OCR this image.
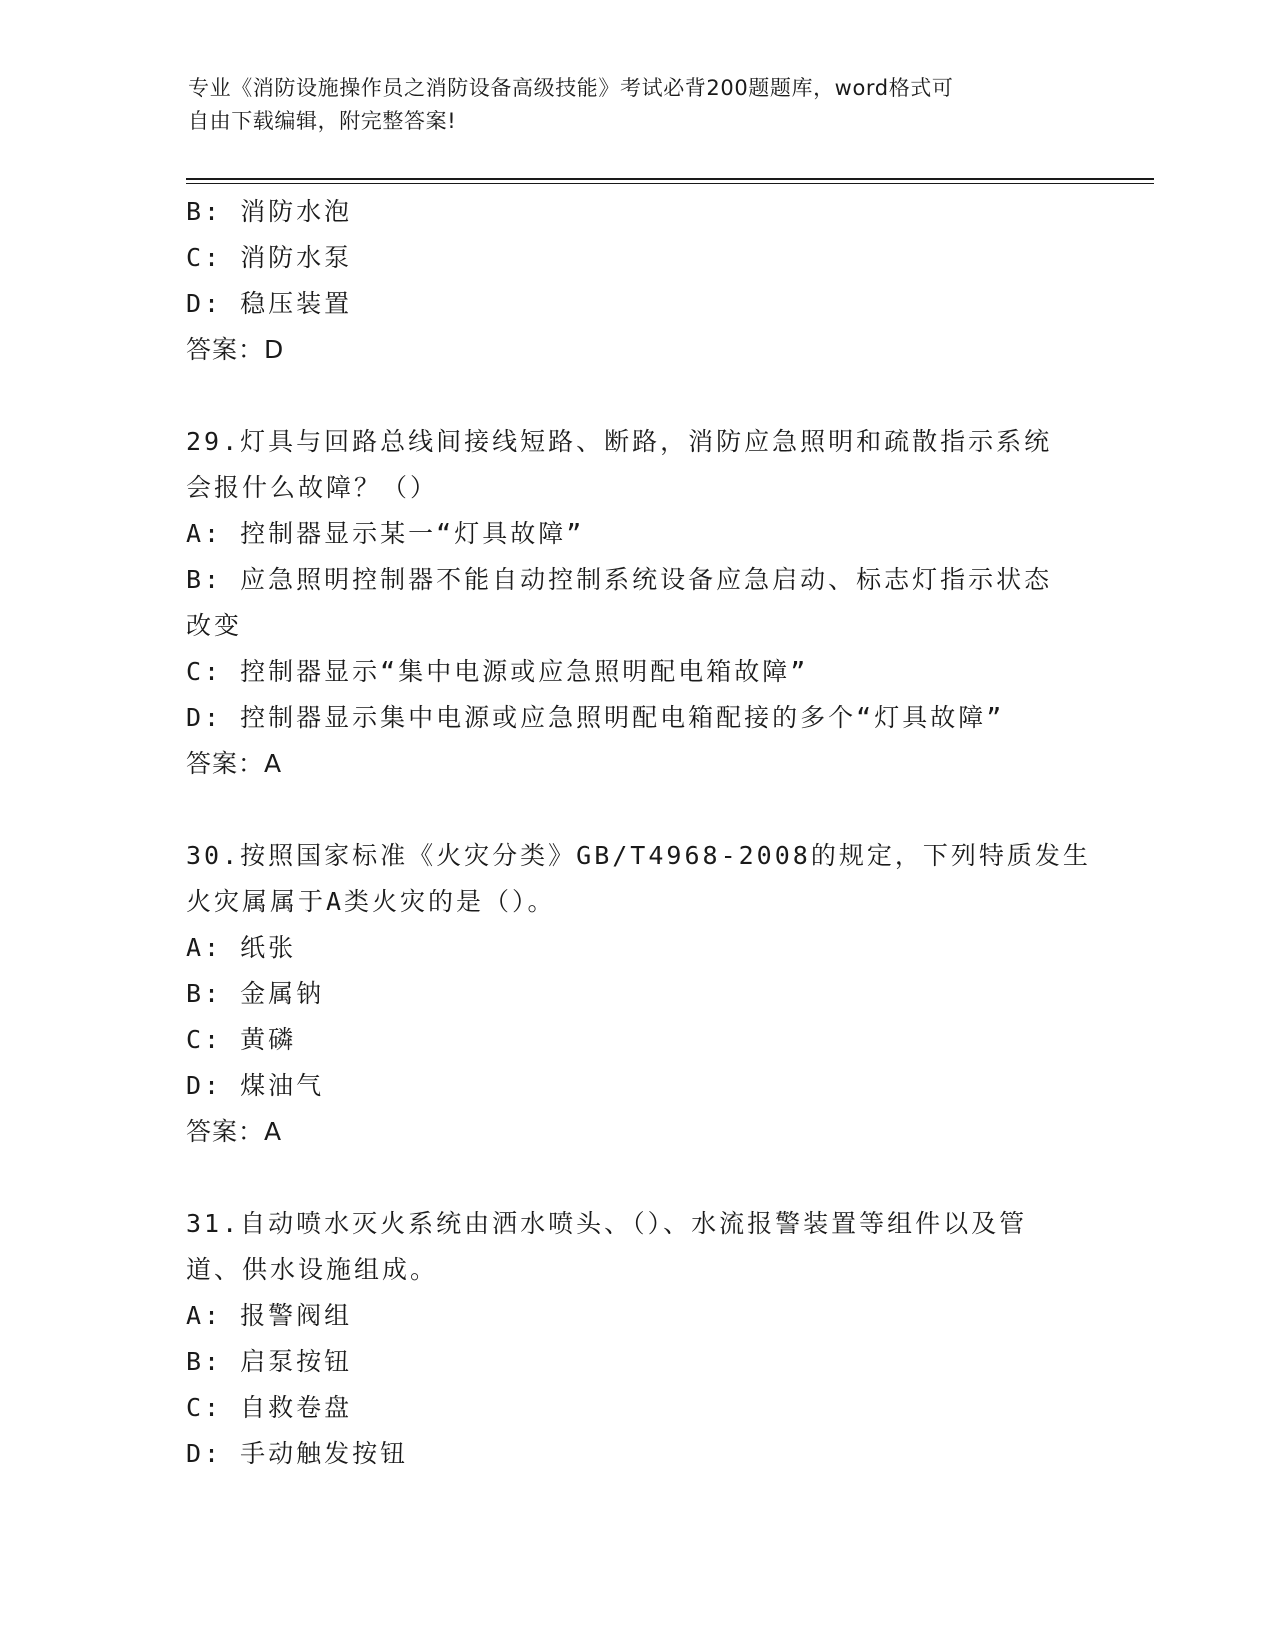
专业《消防设施操作员之消防设备高级技能》考试必背200题题库，word格式可
自由下载编辑，附完整答案!
B: 消防水泡
C: 消防水泵
D: 稳压装置
答案：D
29.灯具与回路总线间接线短路、断路，消防应急照明和疏散指示系统
会报什么故障？（）
A: 控制器显示某一“灯具故障”
B: 应急照明控制器不能自动控制系统设备应急启动、标志灯指示状态
改变
C: 控制器显示“集中电源或应急照明配电箱故障”
D: 控制器显示集中电源或应急照明配电箱配接的多个“灯具故障”
答案：A
30.按照国家标准《火灾分类》GB/T4968-2008的规定，下列特质发生
火灾属属于A类火灾的是（）。
A: 纸张
B: 金属钠
C: 黄磷
D: 煤油气
答案：A
31.自动喷水灭火系统由洒水喷头、（）、水流报警装置等组件以及管
道、供水设施组成。
A: 报警阀组
B: 启泵按钮
C: 自救卷盘
D: 手动触发按钮
